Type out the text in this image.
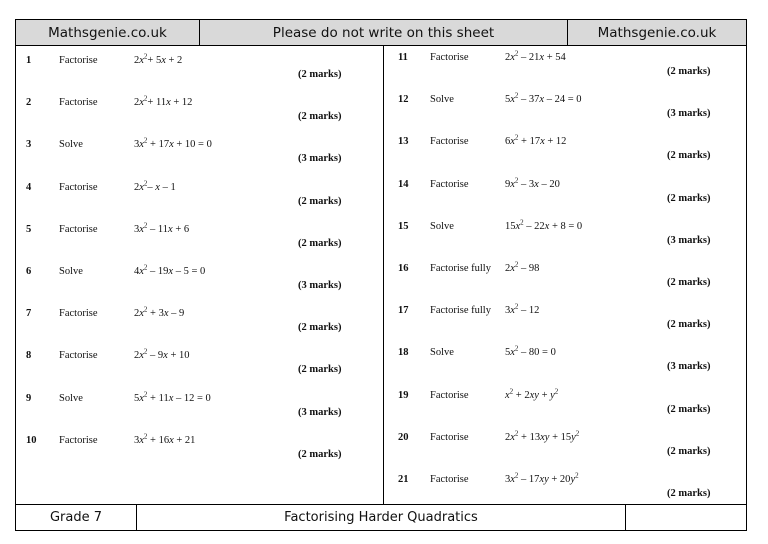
Mathsgenie.co.uk	Please do not write on this sheet	Mathsgenie.co.uk
1	Factorise	$2x^2+ 5x + 2$
(2 marks)
2	Factorise	$2x^2+ 11x + 12$
(2 marks)
3	Solve	$3x^2 + 17x + 10 = 0$
(3 marks)
4	Factorise	$2x^2-$ x – 1
(2 marks)
5	Factorise	$3x^2 - 11x + 6$
(2 marks)
6	Solve	$4x^2 - 19x - 5 = 0$
(3 marks)
7	Factorise	$2x^2 + 3x - 9$
(2 marks)
8	Factorise	$2x^2 - 9x + 10$
(2 marks)
9	Solve	$5x^2 + 11x - 12 = 0$
(3 marks)
10 Factorise	$3x^2 + 16x + 21$
(2 marks)
11 Factorise	$2x^2 - 21x + 54$
(2 marks)
12 Solve	$5x^2 - 37x - 24 = 0$
(3 marks)
13 Factorise	$6x^2 + 17x + 12$
(2 marks)
14 Factorise	$9x^2 - 3x - 20$
(2 marks)
15 Solve	$15x^2 - 22x + 8 = 0$
(3 marks)
16 Factorise fully $2x^2 - 98$
(2 marks)
17 Factorise fully $3x^2 - 12$
(2 marks)
18 Solve	$5x^2 - 80 = 0$
(3 marks)
19 Factorise	$x^2 + 2xy + y^2$
(2 marks)
20 Factorise	$2x^2 + 13xy + 15y^2$
(2 marks)
21 Factorise	$3x^2 - 17xy + 20y^2$
(2 marks)
Grade 7	Factorising Harder Quadratics
